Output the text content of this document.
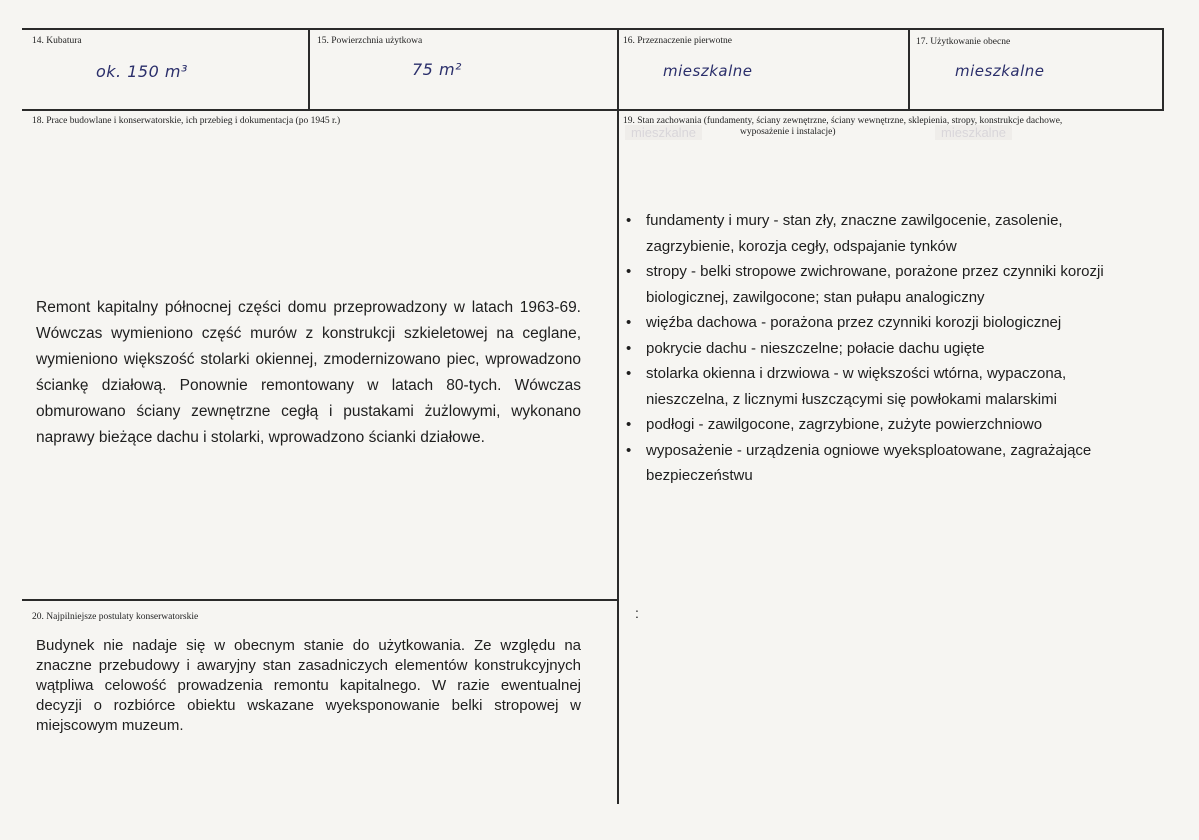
14. Kubatura
ok. 150 m³
15. Powierzchnia użytkowa
75 m²
16. Przeznaczenie pierwotne
mieszkalne
17. Użytkowanie obecne
mieszkalne
18. Prace budowlane i konserwatorskie, ich przebieg i dokumentacja (po 1945 r.)
Remont kapitalny północnej części domu przeprowadzony w latach 1963-69. Wówczas wymieniono część murów z konstrukcji szkieletowej na ceglane, wymieniono większość stolarki okiennej, zmodernizowano piec, wprowadzono ściankę działową. Ponownie remontowany w latach 80-tych. Wówczas obmurowano ściany zewnętrzne cegłą i pustakami żużlowymi, wykonano naprawy bieżące dachu i stolarki, wprowadzono ścianki działowe.
mieszkalne	mieszkalne
19. Stan zachowania (fundamenty, ściany zewnętrzne, ściany wewnętrzne, sklepienia, stropy, konstrukcje dachowe,
wyposażenie i instalacje)
• fundamenty i mury - stan zły, znaczne zawilgocenie, zasolenie, zagrzybienie, korozja cegły, odspajanie tynków
• stropy - belki stropowe zwichrowane, porażone przez czynniki korozji biologicznej, zawilgocone; stan pułapu analogiczny
• więźba dachowa - porażona przez czynniki korozji biologicznej
• pokrycie dachu - nieszczelne; połacie dachu ugięte
• stolarka okienna i drzwiowa - w większości wtórna, wypaczona, nieszczelna, z licznymi łuszczącymi się powłokami malarskimi
• podłogi - zawilgocone, zagrzybione, zużyte powierzchniowo
• wyposażenie - urządzenia ogniowe wyeksploatowane, zagrażające bezpieczeństwu
20. Najpilniejsze postulaty konserwatorskie
Budynek nie nadaje się w obecnym stanie do użytkowania. Ze względu na znaczne przebudowy i awaryjny stan zasadniczych elementów konstrukcyjnych wątpliwa celowość prowadzenia remontu kapitalnego. W razie ewentualnej decyzji o rozbiórce obiektu wskazane wyeksponowanie belki stropowej w miejscowym muzeum.
:
